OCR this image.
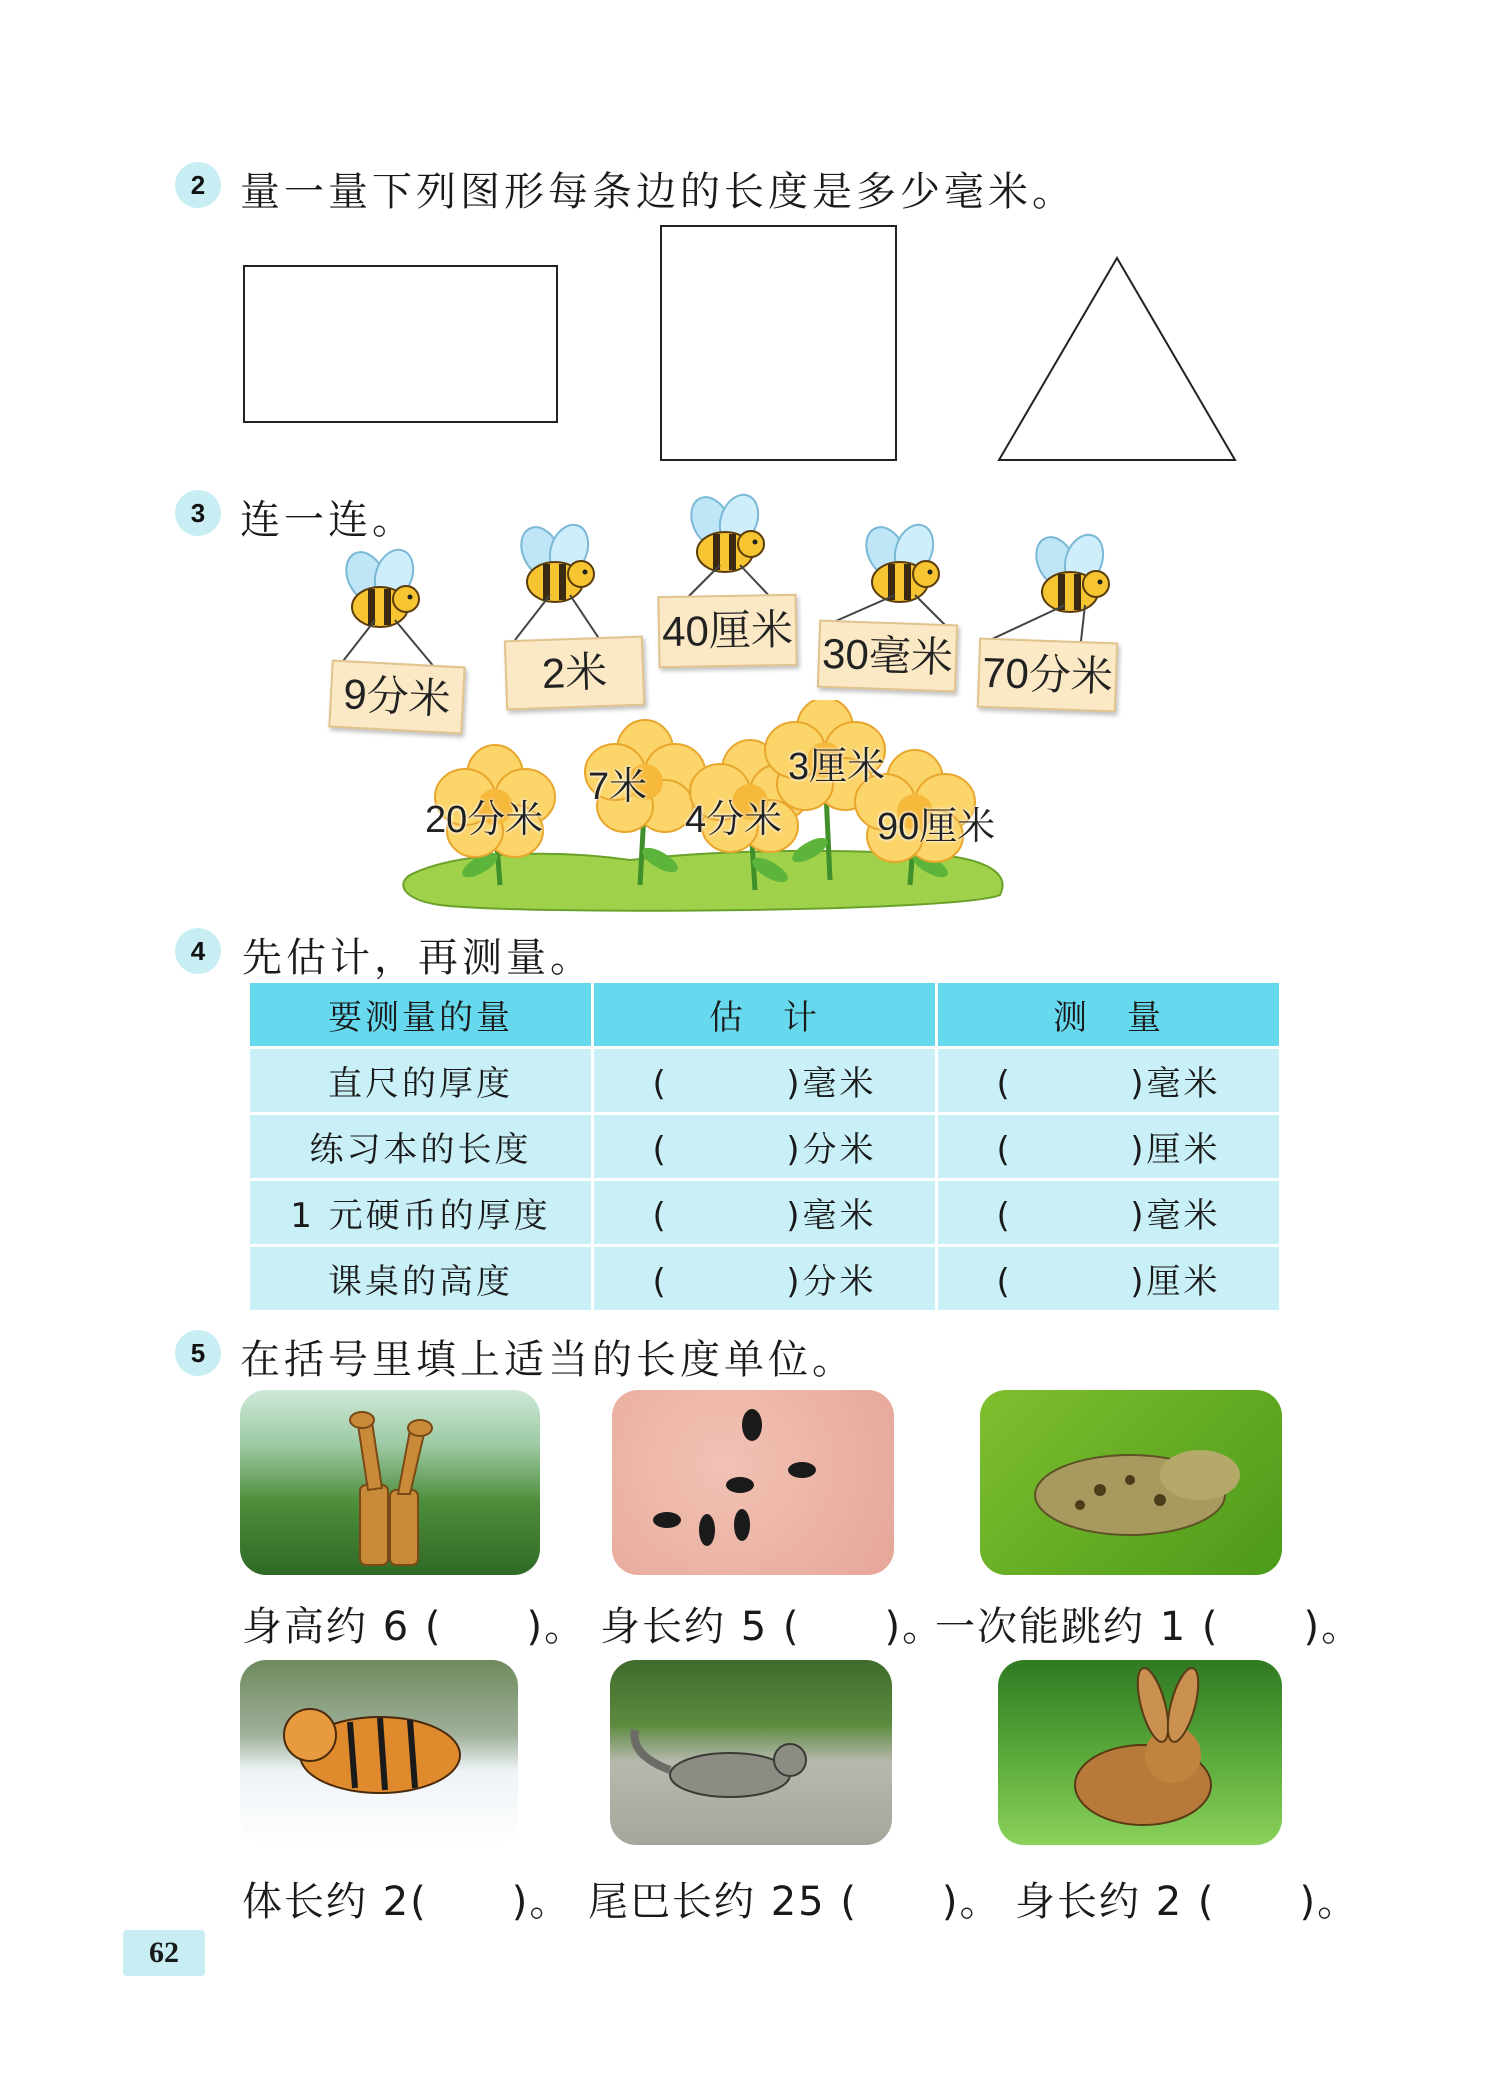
2 量一量下列图形每条边的长度是多少毫米。
3 连一连。
9分米	2米
40厘米 30毫米 70分米
20分米
7米
4分米
3厘米
90厘米
4 先估计，再测量。
要测量的量	估　计	测　量
直尺的厚度	( ) 毫米	( ) 毫米
练习本的长度	( ) 分米	( ) 厘米
1 元硬币的厚度	( ) 毫米	( ) 毫米
课桌的高度	( ) 分米	( ) 厘米
5 在括号里填上适当的长度单位。
身高约 6 (　　)。 身长约 5 (　　)。
一次能跳约 1 (　　)。
体长约 2(　　)。 尾巴长约 25 (　　)。 身长约 2 (　　)。
62
